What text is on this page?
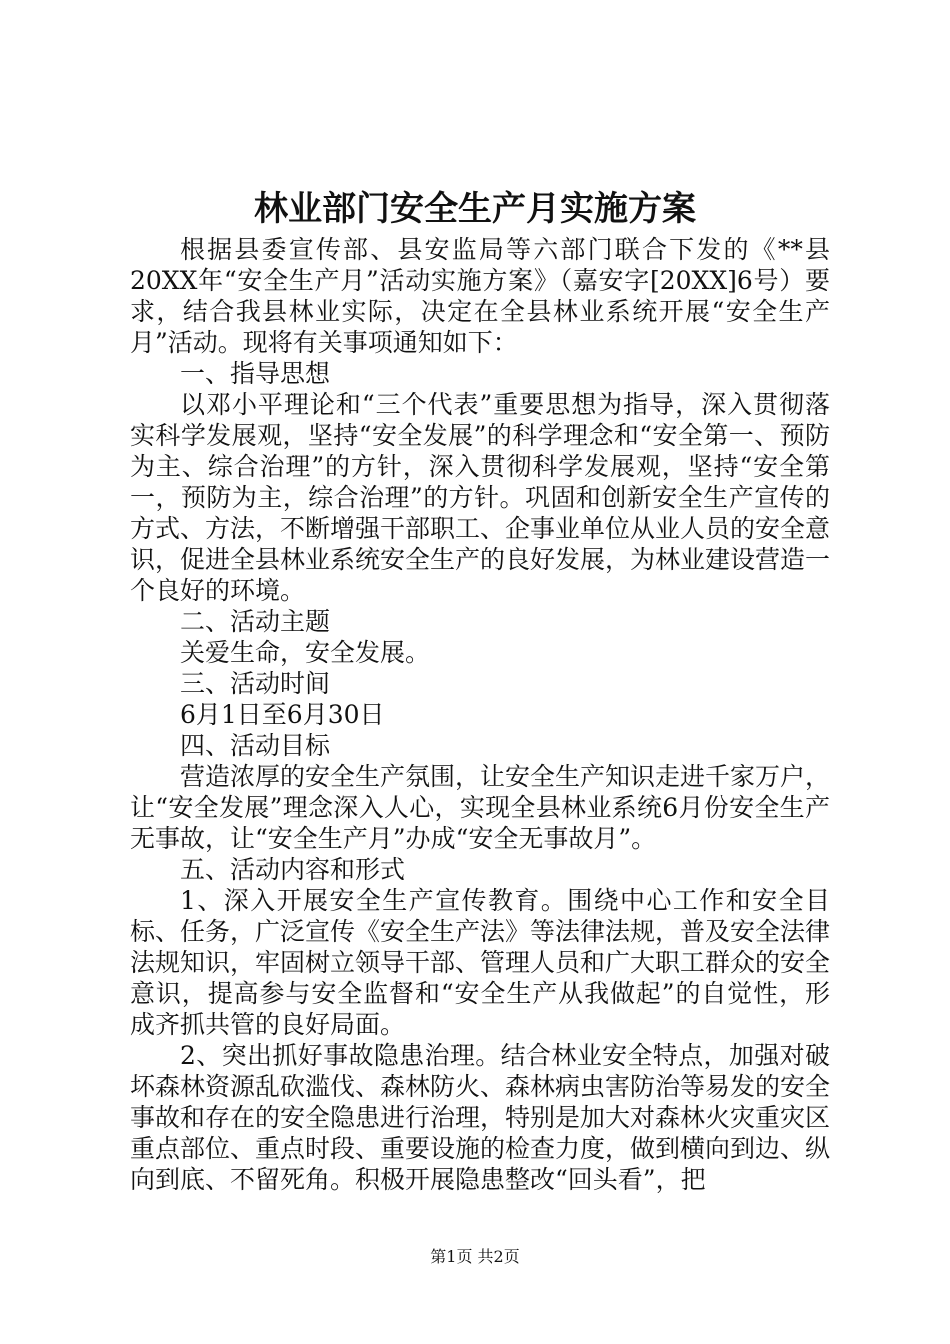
林业部门安全生产月实施方案

根据县委宣传部、县安监局等六部门联合下发的《**县20XX年“安全生产月”活动实施方案》（嘉安字[20XX]6号）要求，结合我县林业实际，决定在全县林业系统开展“安全生产月”活动。现将有关事项通知如下：

一、指导思想

以邓小平理论和“三个代表”重要思想为指导，深入贯彻落实科学发展观，坚持“安全发展”的科学理念和“安全第一、预防为主、综合治理”的方针，深入贯彻科学发展观，坚持“安全第一，预防为主，综合治理”的方针。巩固和创新安全生产宣传的方式、方法，不断增强干部职工、企事业单位从业人员的安全意识，促进全县林业系统安全生产的良好发展，为林业建设营造一个良好的环境。

二、活动主题

关爱生命，安全发展。

三、活动时间

6月1日至6月30日

四、活动目标

营造浓厚的安全生产氛围，让安全生产知识走进千家万户，让“安全发展”理念深入人心，实现全县林业系统6月份安全生产无事故，让“安全生产月”办成“安全无事故月”。

五、活动内容和形式

1、深入开展安全生产宣传教育。围绕中心工作和安全目标、任务，广泛宣传《安全生产法》等法律法规，普及安全法律法规知识，牢固树立领导干部、管理人员和广大职工群众的安全意识，提高参与安全监督和“安全生产从我做起”的自觉性，形成齐抓共管的良好局面。

2、突出抓好事故隐患治理。结合林业安全特点，加强对破坏森林资源乱砍滥伐、森林防火、森林病虫害防治等易发的安全事故和存在的安全隐患进行治理，特别是加大对森林火灾重灾区重点部位、重点时段、重要设施的检查力度，做到横向到边、纵向到底、不留死角。积极开展隐患整改“回头看”，把

第1页 共2页
